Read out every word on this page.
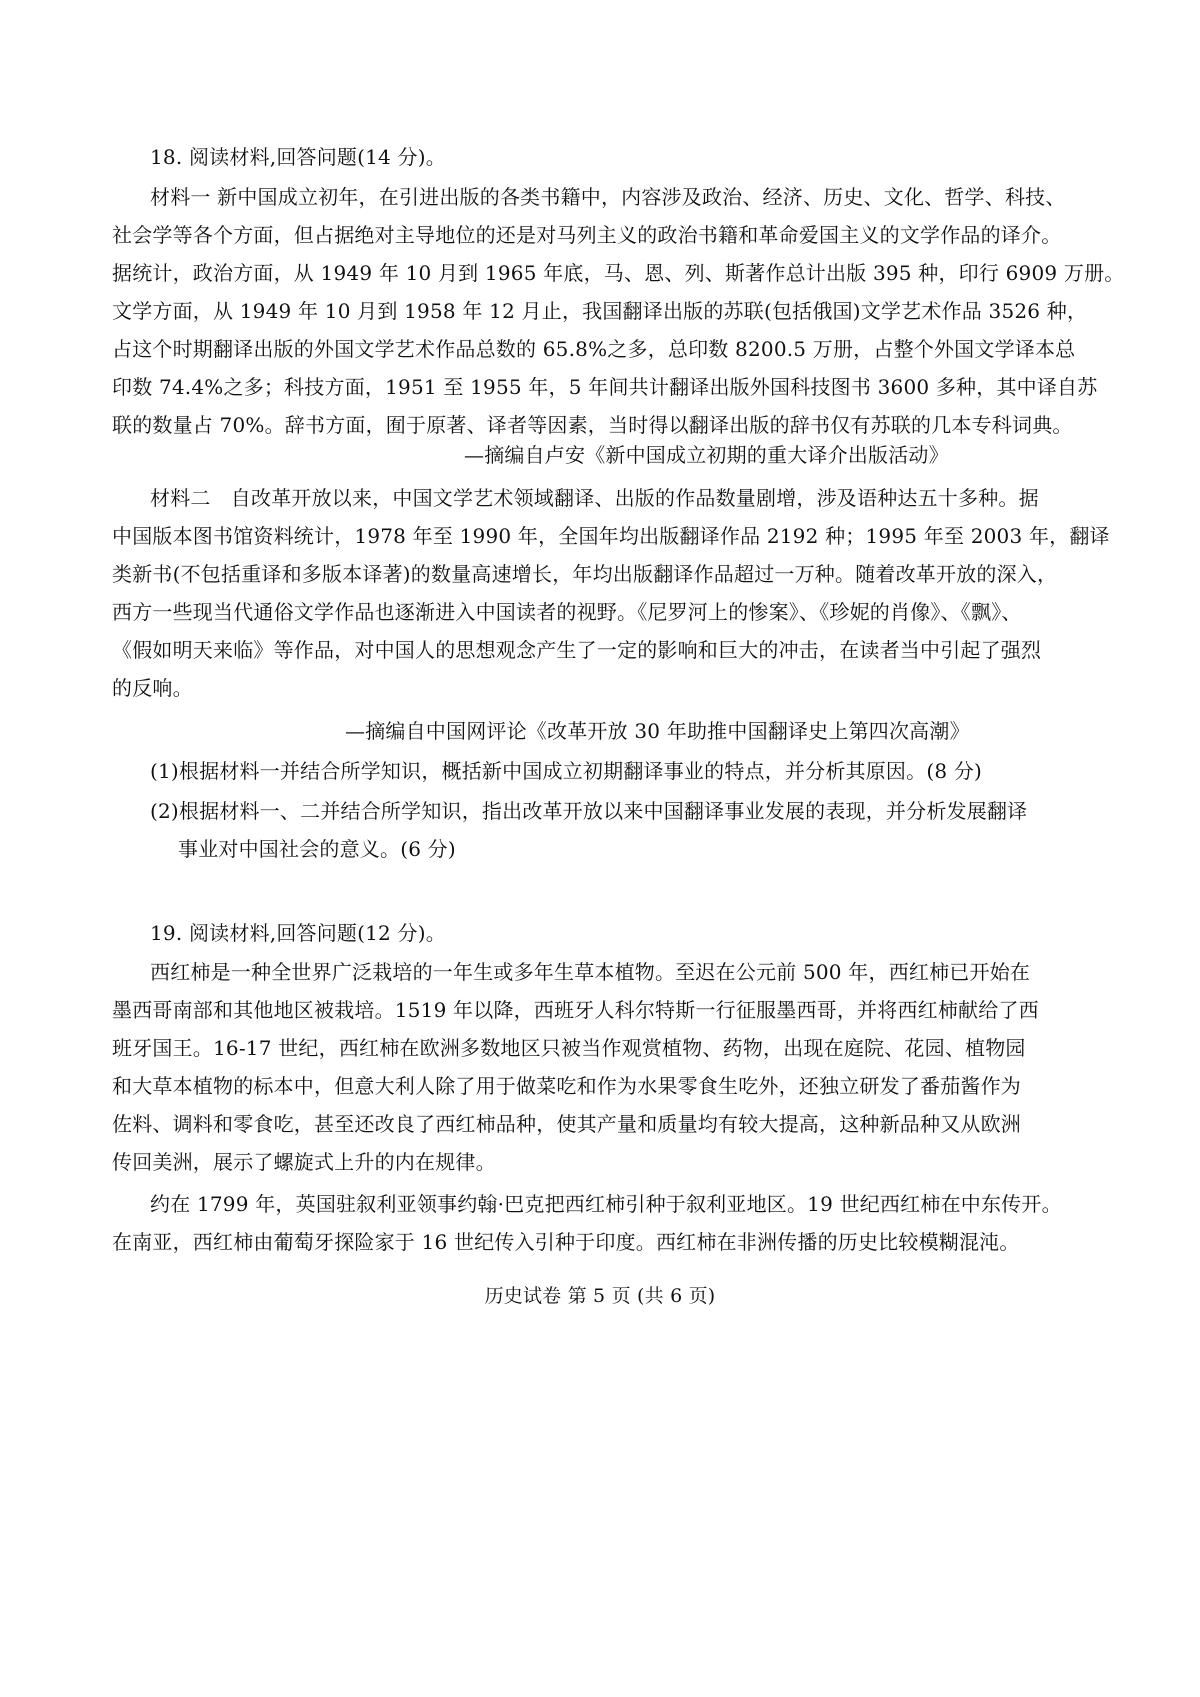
18. 阅读材料,回答问题(14 分)。
材料一 新中国成立初年，在引进出版的各类书籍中，内容涉及政治、经济、历史、文化、哲学、科技、
社会学等各个方面，但占据绝对主导地位的还是对马列主义的政治书籍和革命爱国主义的文学作品的译介。
据统计，政治方面，从 1949 年 10 月到 1965 年底，马、恩、列、斯著作总计出版 395 种，印行 6909 万册。
文学方面，从 1949 年 10 月到 1958 年 12 月止，我国翻译出版的苏联(包括俄国)文学艺术作品 3526 种，
占这个时期翻译出版的外国文学艺术作品总数的 65.8%之多，总印数 8200.5 万册，占整个外国文学译本总
印数 74.4%之多；科技方面，1951 至 1955 年，5 年间共计翻译出版外国科技图书 3600 多种，其中译自苏
联的数量占 70%。辞书方面，囿于原著、译者等因素，当时得以翻译出版的辞书仅有苏联的几本专科词典。
—摘编自卢安《新中国成立初期的重大译介出版活动》
材料二　自改革开放以来，中国文学艺术领域翻译、出版的作品数量剧增，涉及语种达五十多种。据
中国版本图书馆资料统计，1978 年至 1990 年，全国年均出版翻译作品 2192 种；1995 年至 2003 年，翻译
类新书(不包括重译和多版本译著)的数量高速增长，年均出版翻译作品超过一万种。随着改革开放的深入，
西方一些现当代通俗文学作品也逐渐进入中国读者的视野。《尼罗河上的惨案》、《珍妮的肖像》、《飘》、
《假如明天来临》等作品，对中国人的思想观念产生了一定的影响和巨大的冲击，在读者当中引起了强烈
的反响。
—摘编自中国网评论《改革开放 30 年助推中国翻译史上第四次高潮》
(1)根据材料一并结合所学知识，概括新中国成立初期翻译事业的特点，并分析其原因。(8 分)
(2)根据材料一、二并结合所学知识，指出改革开放以来中国翻译事业发展的表现，并分析发展翻译
事业对中国社会的意义。(6 分)
19. 阅读材料,回答问题(12 分)。
西红柿是一种全世界广泛栽培的一年生或多年生草本植物。至迟在公元前 500 年，西红柿已开始在
墨西哥南部和其他地区被栽培。1519 年以降，西班牙人科尔特斯一行征服墨西哥，并将西红柿献给了西
班牙国王。16-17 世纪，西红柿在欧洲多数地区只被当作观赏植物、药物，出现在庭院、花园、植物园
和大草本植物的标本中，但意大利人除了用于做菜吃和作为水果零食生吃外，还独立研发了番茄酱作为
佐料、调料和零食吃，甚至还改良了西红柿品种，使其产量和质量均有较大提高，这种新品种又从欧洲
传回美洲，展示了螺旋式上升的内在规律。
约在 1799 年，英国驻叙利亚领事约翰·巴克把西红柿引种于叙利亚地区。19 世纪西红柿在中东传开。
在南亚，西红柿由葡萄牙探险家于 16 世纪传入引种于印度。西红柿在非洲传播的历史比较模糊混沌。
历史试卷 第 5 页 (共 6 页)
